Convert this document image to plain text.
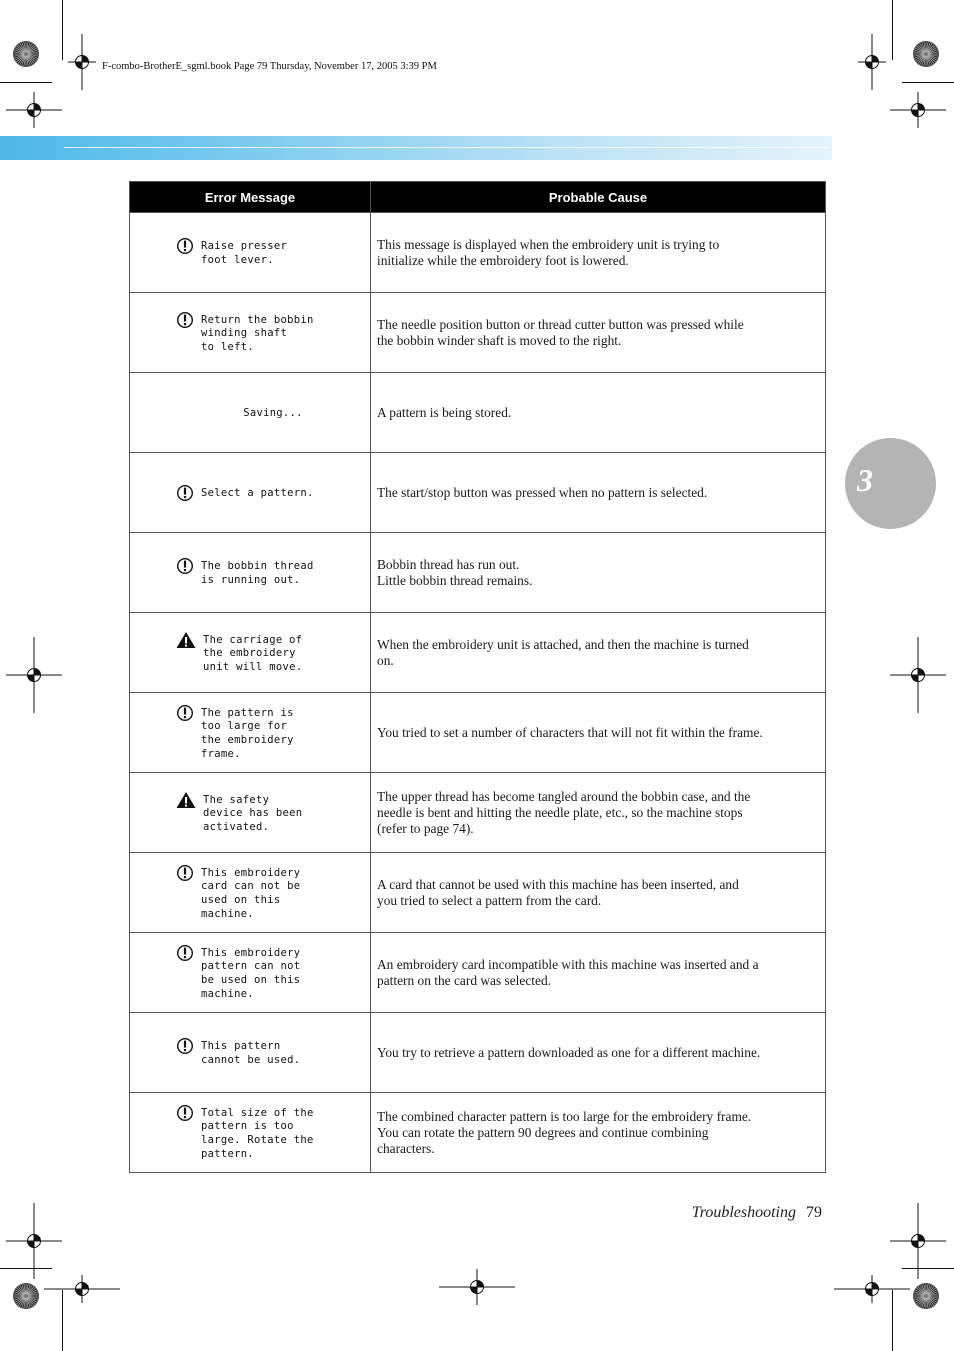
F-combo-BrotherE_sgml.book Page 79 Thursday, November 17, 2005 3:39 PM
3
Error Message	Probable Cause

Raise presser
foot lever.	This message is displayed when the embroidery unit is trying to
initialize while the embroidery foot is lowered.

Return the bobbin
winding shaft
to left.	The needle position button or thread cutter button was pressed while
the bobbin winder shaft is moved to the right.

Saving...	A pattern is being stored.

Select a pattern.	The start/stop button was pressed when no pattern is selected.

The bobbin thread
is running out.	Bobbin thread has run out.
Little bobbin thread remains.

The carriage of
the embroidery
unit will move.	When the embroidery unit is attached, and then the machine is turned
on.

The pattern is
too large for
the embroidery
frame.	You tried to set a number of characters that will not fit within the frame.

The safety
device has been
activated.	The upper thread has become tangled around the bobbin case, and the
needle is bent and hitting the needle plate, etc., so the machine stops
(refer to page 74).

This embroidery
card can not be
used on this
machine.	A card that cannot be used with this machine has been inserted, and
you tried to select a pattern from the card.

This embroidery
pattern can not
be used on this
machine.	An embroidery card incompatible with this machine was inserted and a
pattern on the card was selected.

This pattern
cannot be used.	You try to retrieve a pattern downloaded as one for a different machine.

Total size of the
pattern is too
large. Rotate the
pattern.	The combined character pattern is too large for the embroidery frame.
You can rotate the pattern 90 degrees and continue combining
characters.
Troubleshooting 79
